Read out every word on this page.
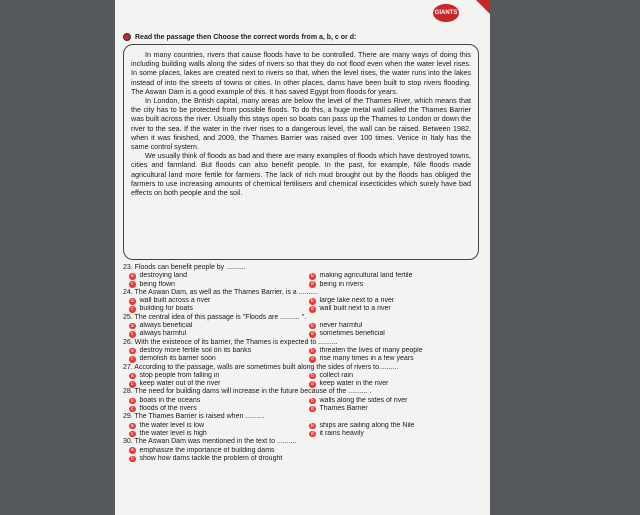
GIANTS
Read the passage then Choose the correct words from a, b, c or d:

In many countries, rivers that cause floods have to be controlled. There are many ways of doing this including building walls along the sides of rivers so that they do not flood even when the water level rises. In some places, lakes are created next to rivers so that, when the level rises, the water runs into the lakes instead of into the streets of towns or cities. In other places, dams have been built to stop rivers flooding. The Aswan Dam is a good example of this. It has saved Egypt from floods for years.

In London, the British capital, many areas are below the level of the Thames River, which means that the city has to be protected from possible floods. To do this, a huge metal wall called the Thames Barrier was built across the river. Usually this stays open so boats can pass up the Thames to London or down the river to the sea. If the water in the river rises to a dangerous level, the wall can be raised. Between 1982, when it was finished, and 2009, the Thames Barrier was raised over 100 times. Venice in Italy has the same control system.

We usually think of floods as bad and there are many examples of floods which have destroyed towns, cities and farmland. But floods can also benefit people. In the past, for example, Nile floods made agricultural land more fertile for farmers. The lack of rich mud brought out by the floods has obliged the farmers to use increasing amounts of chemical fertilisers and chemical insecticides which surely have bad effects on both people and the soil.

23. Floods can benefit people by ..........
a destroying land	b making agricultural land fertile
c being flown	d being in rivers
24. The Aswan Dam, as well as the Thames Barrier, is a ..........
a wall built across a river	b large lake next to a river
c building for boats	d wall built next to a river
25. The central idea of this passage is "Floods are .......... ".
a always beneficial	b never harmful
c always harmful	d sometimes beneficial
26. With the existence of its barrier, the Thames is expected to ..........
a destroy more fertile soil on its banks	b threaten the lives of many people
c demolish its barrier soon	d rise many times in a few years
27. According to the passage, walls are sometimes built along the sides of rivers to..........
a stop people from falling in	b collect rain
c keep water out of the river	d keep water in the river
28. The need for building dams will increase in the future because of the .......... .
a boats in the oceans	b walls along the sides of river
c floods of the rivers	d Thames Barrier
29. The Thames Barrier is raised when ..........
a the water level is low	b ships are sailing along the Nile
c the water level is high	d it rains heavily
30. The Aswan Dam was mentioned in the text to ..........
a emphasize the importance of building dams
b show how dams tackle the problem of drought
